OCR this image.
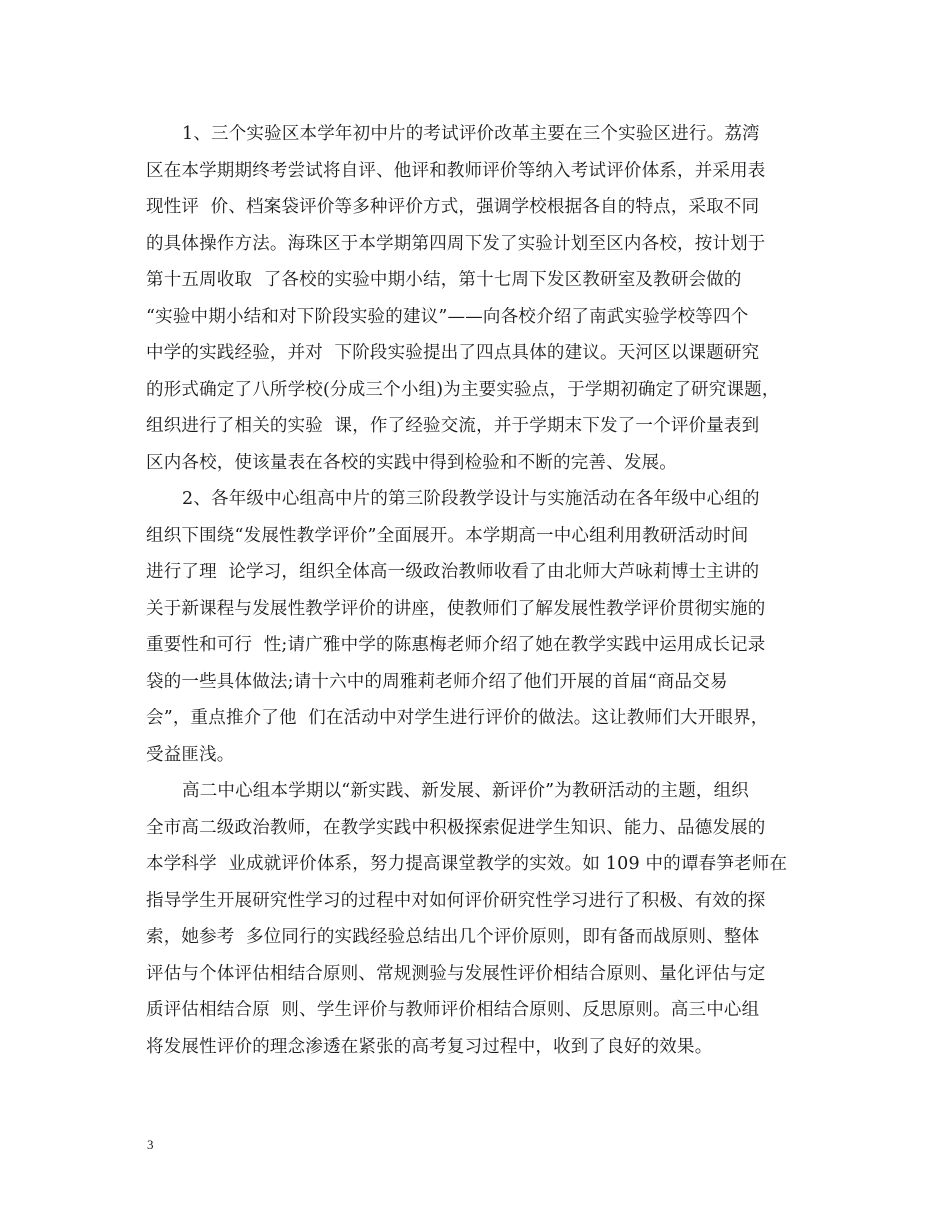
1、三个实验区本学年初中片的考试评价改革主要在三个实验区进行。荔湾
区在本学期期终考尝试将自评、他评和教师评价等纳入考试评价体系，并采用表
现性评  价、档案袋评价等多种评价方式，强调学校根据各自的特点，采取不同
的具体操作方法。海珠区于本学期第四周下发了实验计划至区内各校，按计划于
第十五周收取  了各校的实验中期小结，第十七周下发区教研室及教研会做的
“实验中期小结和对下阶段实验的建议”——向各校介绍了南武实验学校等四个
中学的实践经验，并对  下阶段实验提出了四点具体的建议。天河区以课题研究
的形式确定了八所学校(分成三个小组)为主要实验点，于学期初确定了研究课题，
组织进行了相关的实验  课，作了经验交流，并于学期末下发了一个评价量表到
区内各校，使该量表在各校的实践中得到检验和不断的完善、发展。
2、各年级中心组高中片的第三阶段教学设计与实施活动在各年级中心组的
组织下围绕“发展性教学评价”全面展开。本学期高一中心组利用教研活动时间
进行了理  论学习，组织全体高一级政治教师收看了由北师大芦咏莉博士主讲的
关于新课程与发展性教学评价的讲座，使教师们了解发展性教学评价贯彻实施的
重要性和可行  性;请广雅中学的陈惠梅老师介绍了她在教学实践中运用成长记录
袋的一些具体做法;请十六中的周雅莉老师介绍了他们开展的首届“商品交易
会”，重点推介了他  们在活动中对学生进行评价的做法。这让教师们大开眼界，
受益匪浅。
高二中心组本学期以“新实践、新发展、新评价”为教研活动的主题，组织
全市高二级政治教师，在教学实践中积极探索促进学生知识、能力、品德发展的
本学科学  业成就评价体系，努力提高课堂教学的实效。如 109 中的谭春笋老师在
指导学生开展研究性学习的过程中对如何评价研究性学习进行了积极、有效的探
索，她参考  多位同行的实践经验总结出几个评价原则，即有备而战原则、整体
评估与个体评估相结合原则、常规测验与发展性评价相结合原则、量化评估与定
质评估相结合原  则、学生评价与教师评价相结合原则、反思原则。高三中心组
将发展性评价的理念渗透在紧张的高考复习过程中，收到了良好的效果。
3
